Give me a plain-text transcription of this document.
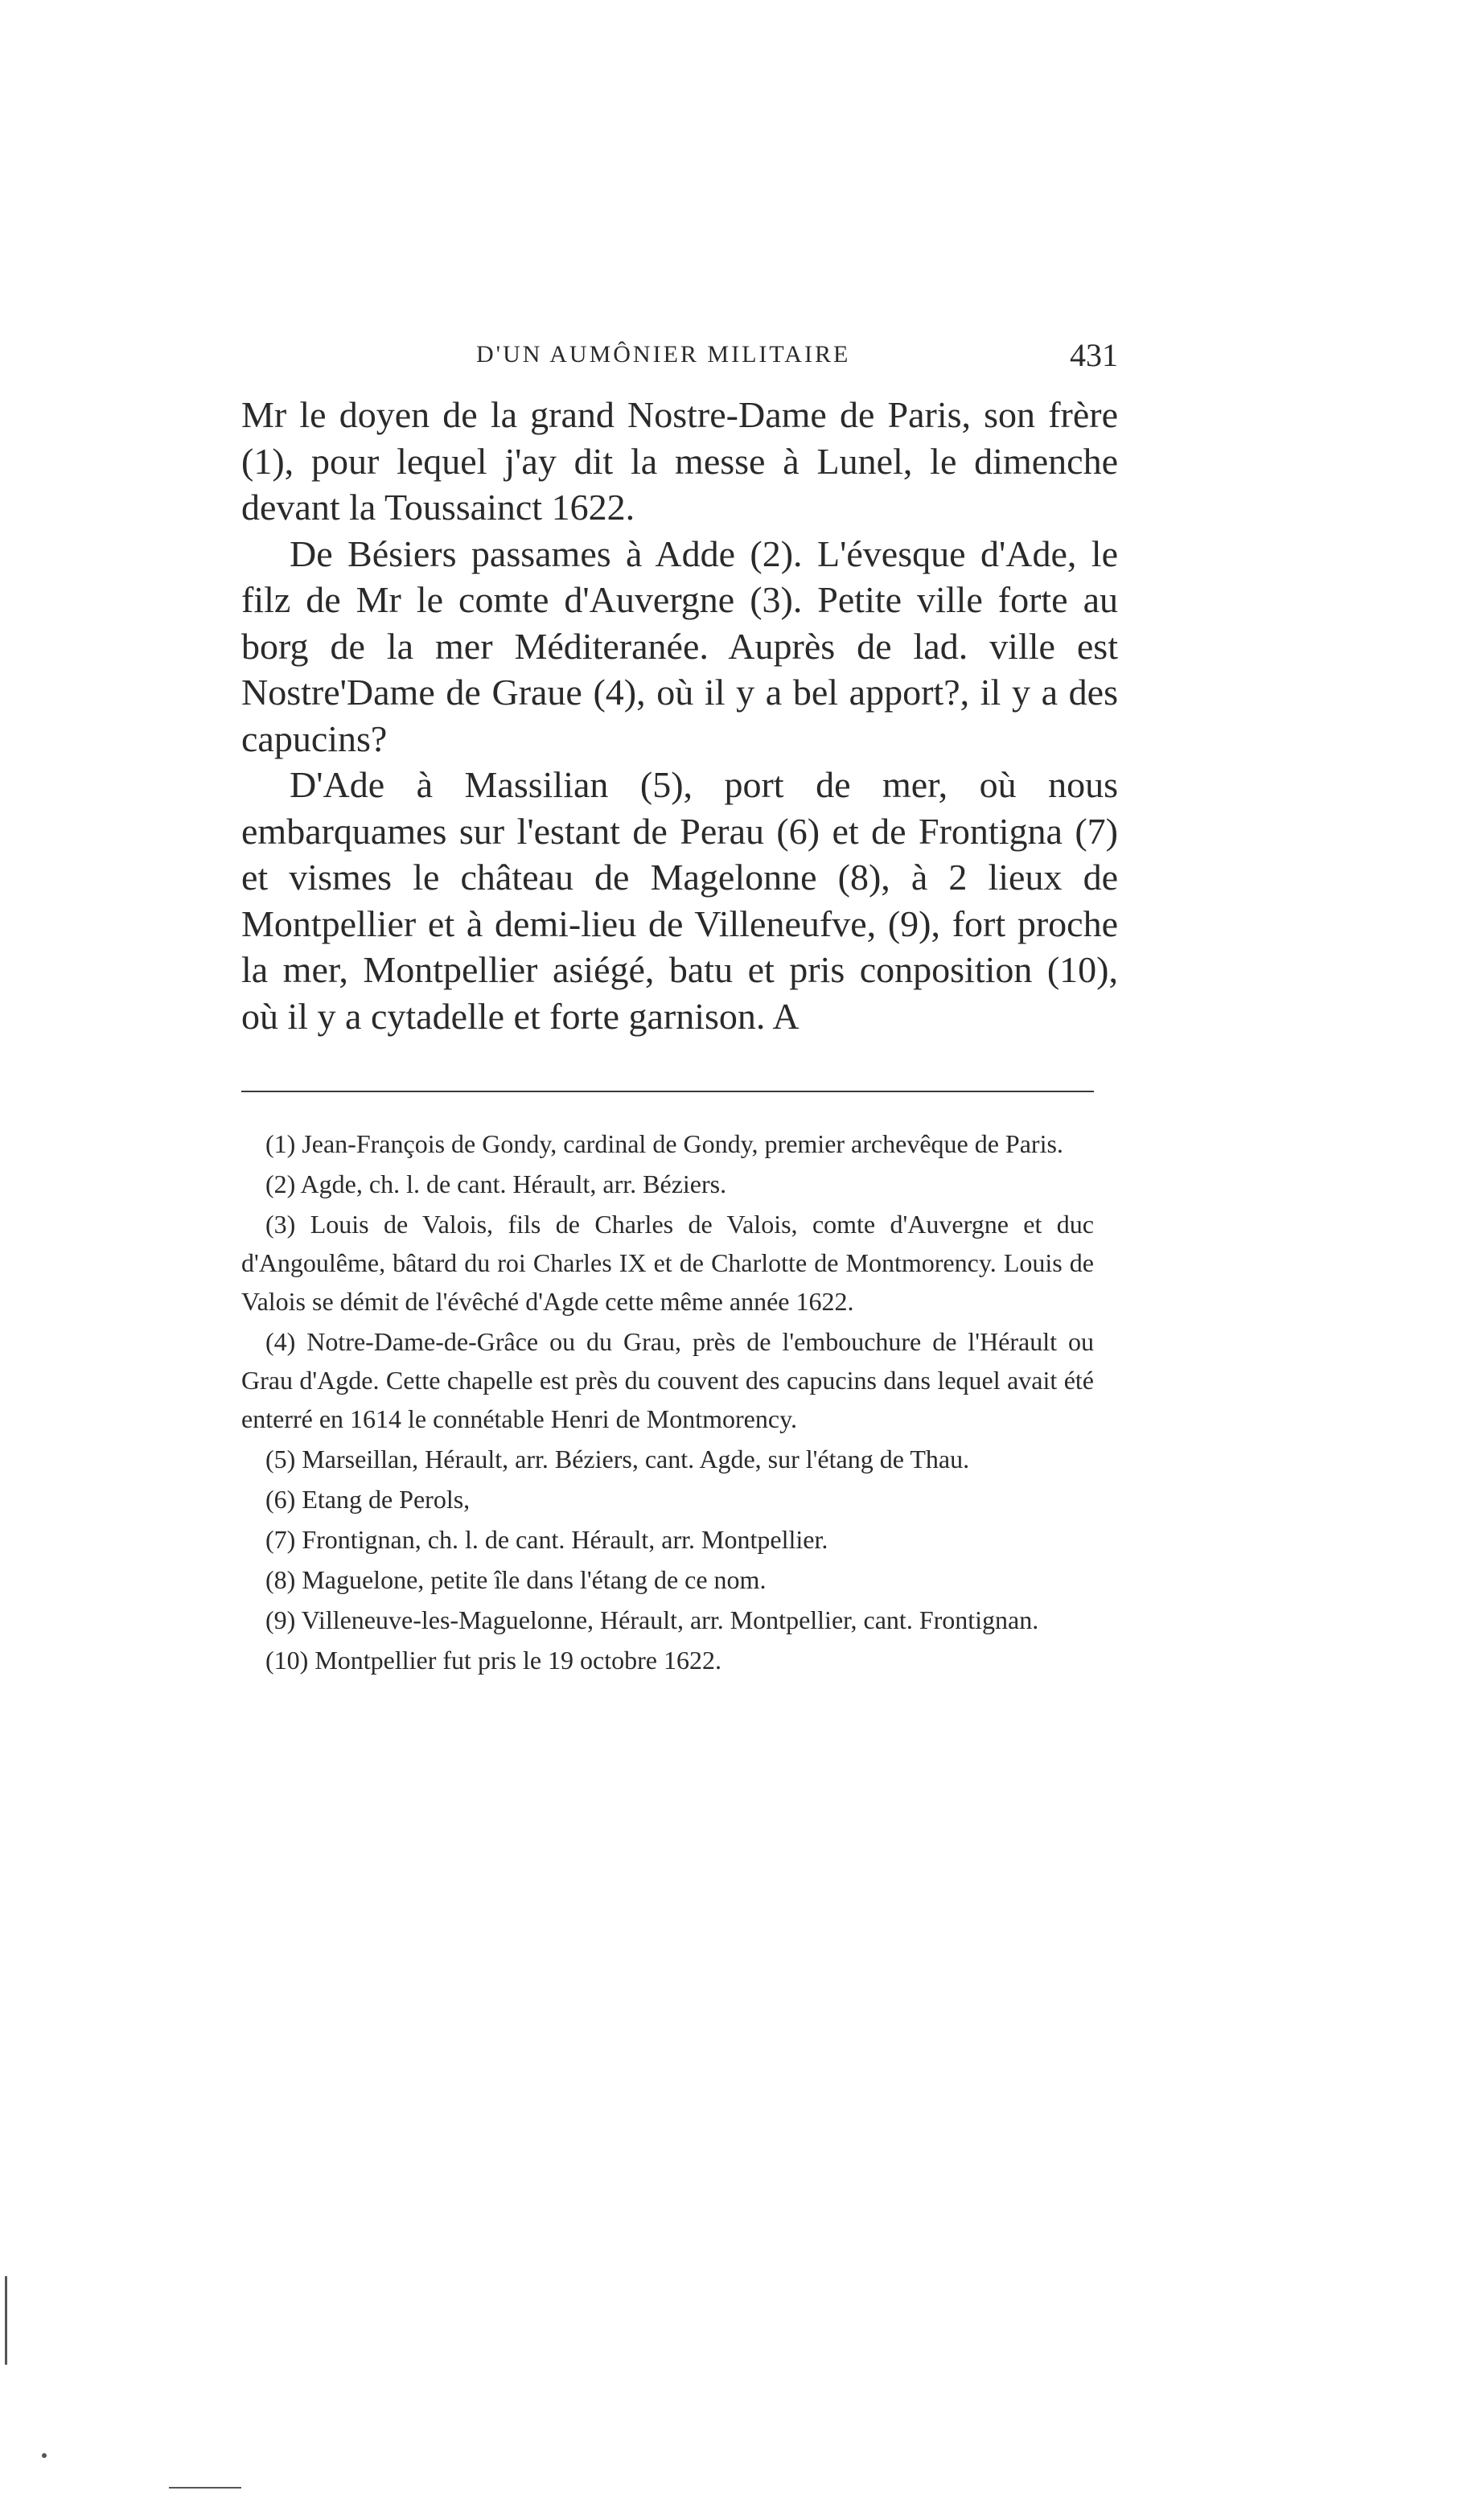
D'UN AUMÔNIER MILITAIRE	431

Mr le doyen de la grand Nostre-Dame de Paris, son frère (1), pour lequel j'ay dit la messe à Lunel, le dimenche devant la Toussainct 1622.

De Bésiers passames à Adde (2). L'évesque d'Ade, le filz de Mr le comte d'Auvergne (3). Petite ville forte au borg de la mer Méditeranée. Auprès de lad. ville est Nostre'Dame de Graue (4), où il y a bel apport?, il y a des capucins?

D'Ade à Massilian (5), port de mer, où nous embarquames sur l'estant de Perau (6) et de Frontigna (7) et vismes le château de Magelonne (8), à 2 lieux de Montpellier et à demi-lieu de Villeneufve, (9), fort proche la mer, Montpellier asiégé, batu et pris conposition (10), où il y a cytadelle et forte garnison. A

(1) Jean-François de Gondy, cardinal de Gondy, premier archevêque de Paris.

(2) Agde, ch. l. de cant. Hérault, arr. Béziers.

(3) Louis de Valois, fils de Charles de Valois, comte d'Auvergne et duc d'Angoulême, bâtard du roi Charles IX et de Charlotte de Montmorency. Louis de Valois se démit de l'évêché d'Agde cette même année 1622.

(4) Notre-Dame-de-Grâce ou du Grau, près de l'embouchure de l'Hérault ou Grau d'Agde. Cette chapelle est près du couvent des capucins dans lequel avait été enterré en 1614 le connétable Henri de Montmorency.

(5) Marseillan, Hérault, arr. Béziers, cant. Agde, sur l'étang de Thau.

(6) Etang de Perols,

(7) Frontignan, ch. l. de cant. Hérault, arr. Montpellier.

(8) Maguelone, petite île dans l'étang de ce nom.

(9) Villeneuve-les-Maguelonne, Hérault, arr. Montpellier, cant. Frontignan.

(10) Montpellier fut pris le 19 octobre 1622.
